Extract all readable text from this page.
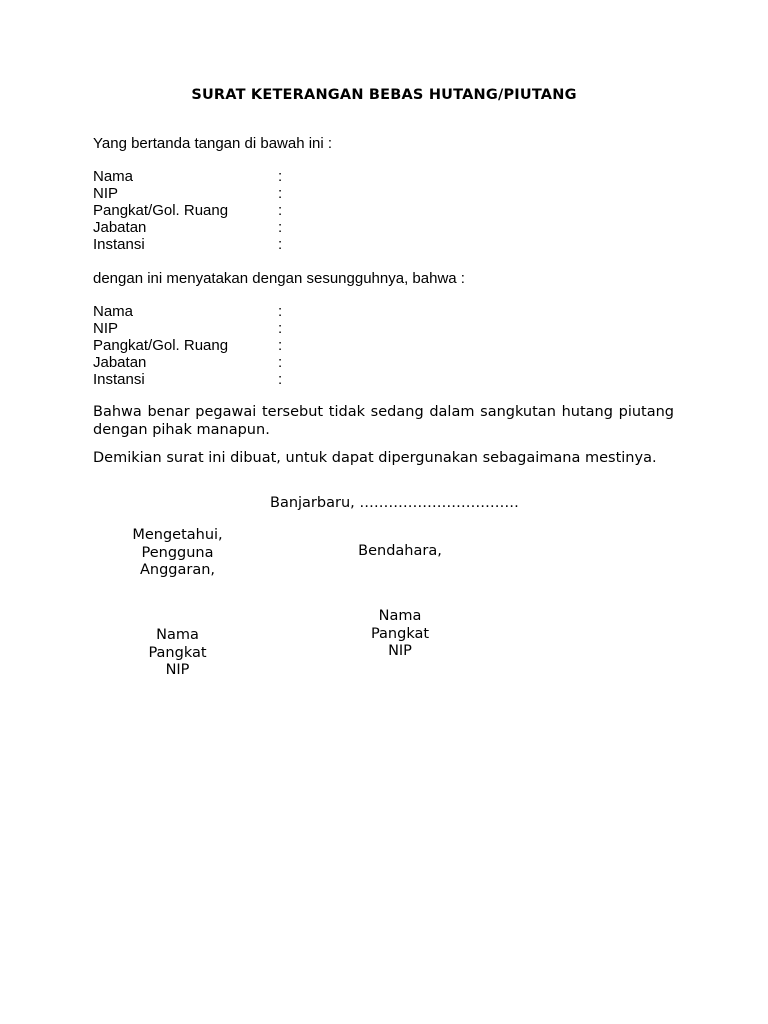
SURAT KETERANGAN BEBAS HUTANG/PIUTANG
Yang bertanda tangan di bawah ini :
Nama	:
NIP	:
Pangkat/Gol. Ruang	:
Jabatan	:
Instansi	:
dengan ini menyatakan dengan sesungguhnya, bahwa :
Nama	:
NIP	:
Pangkat/Gol. Ruang	:
Jabatan	:
Instansi	:
Bahwa benar pegawai tersebut tidak sedang dalam sangkutan hutang piutang dengan pihak manapun.
Demikian surat ini dibuat, untuk dapat dipergunakan sebagaimana mestinya.
Banjarbaru, ……………………………
Mengetahui,
Pengguna
Anggaran,
Bendahara,
Nama
Pangkat
NIP
Nama
Pangkat
NIP
